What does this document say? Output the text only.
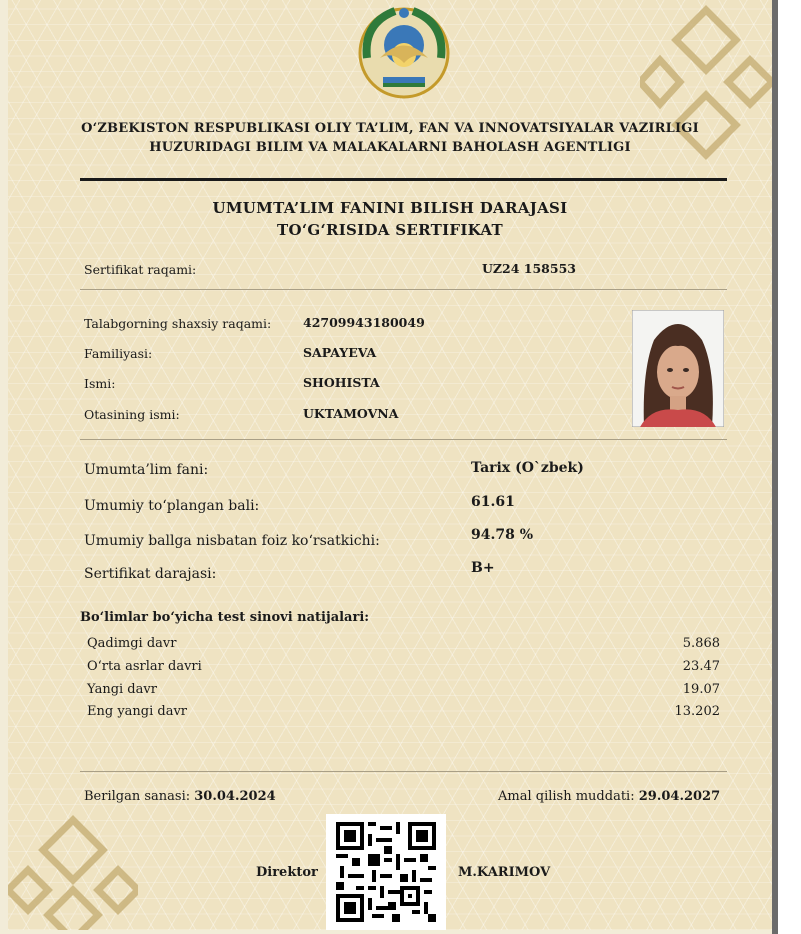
O‘ZBEKISTON RESPUBLIKASI OLIY TA’LIM, FAN VA INNOVATSIYALAR VAZIRLIGI
HUZURIDAGI BILIM VA MALAKALARNI BAHOLASH AGENTLIGI
UMUMTA’LIM FANINI BILISH DARAJASI
TO‘G‘RISIDA SERTIFIKAT
Sertifikat raqami:	UZ24 158553
Talabgorning shaxsiy raqami:	42709943180049
Familiyasi:	SAPAYEVA
Ismi:	SHOHISTA
Otasining ismi:	UKTAMOVNA
Umumta’lim fani:	Tarix (O`zbek)
Umumiy to‘plangan bali:	61.61
Umumiy ballga nisbatan foiz ko‘rsatkichi:	94.78 %
Sertifikat darajasi:	B+
Bo‘limlar bo‘yicha test sinovi natijalari:
Qadimgi davr	5.868
O‘rta asrlar davri	23.47
Yangi davr	19.07
Eng yangi davr	13.202
Berilgan sanasi: 30.04.2024	Amal qilish muddati: 29.04.2027
Direktor	M.KARIMOV
